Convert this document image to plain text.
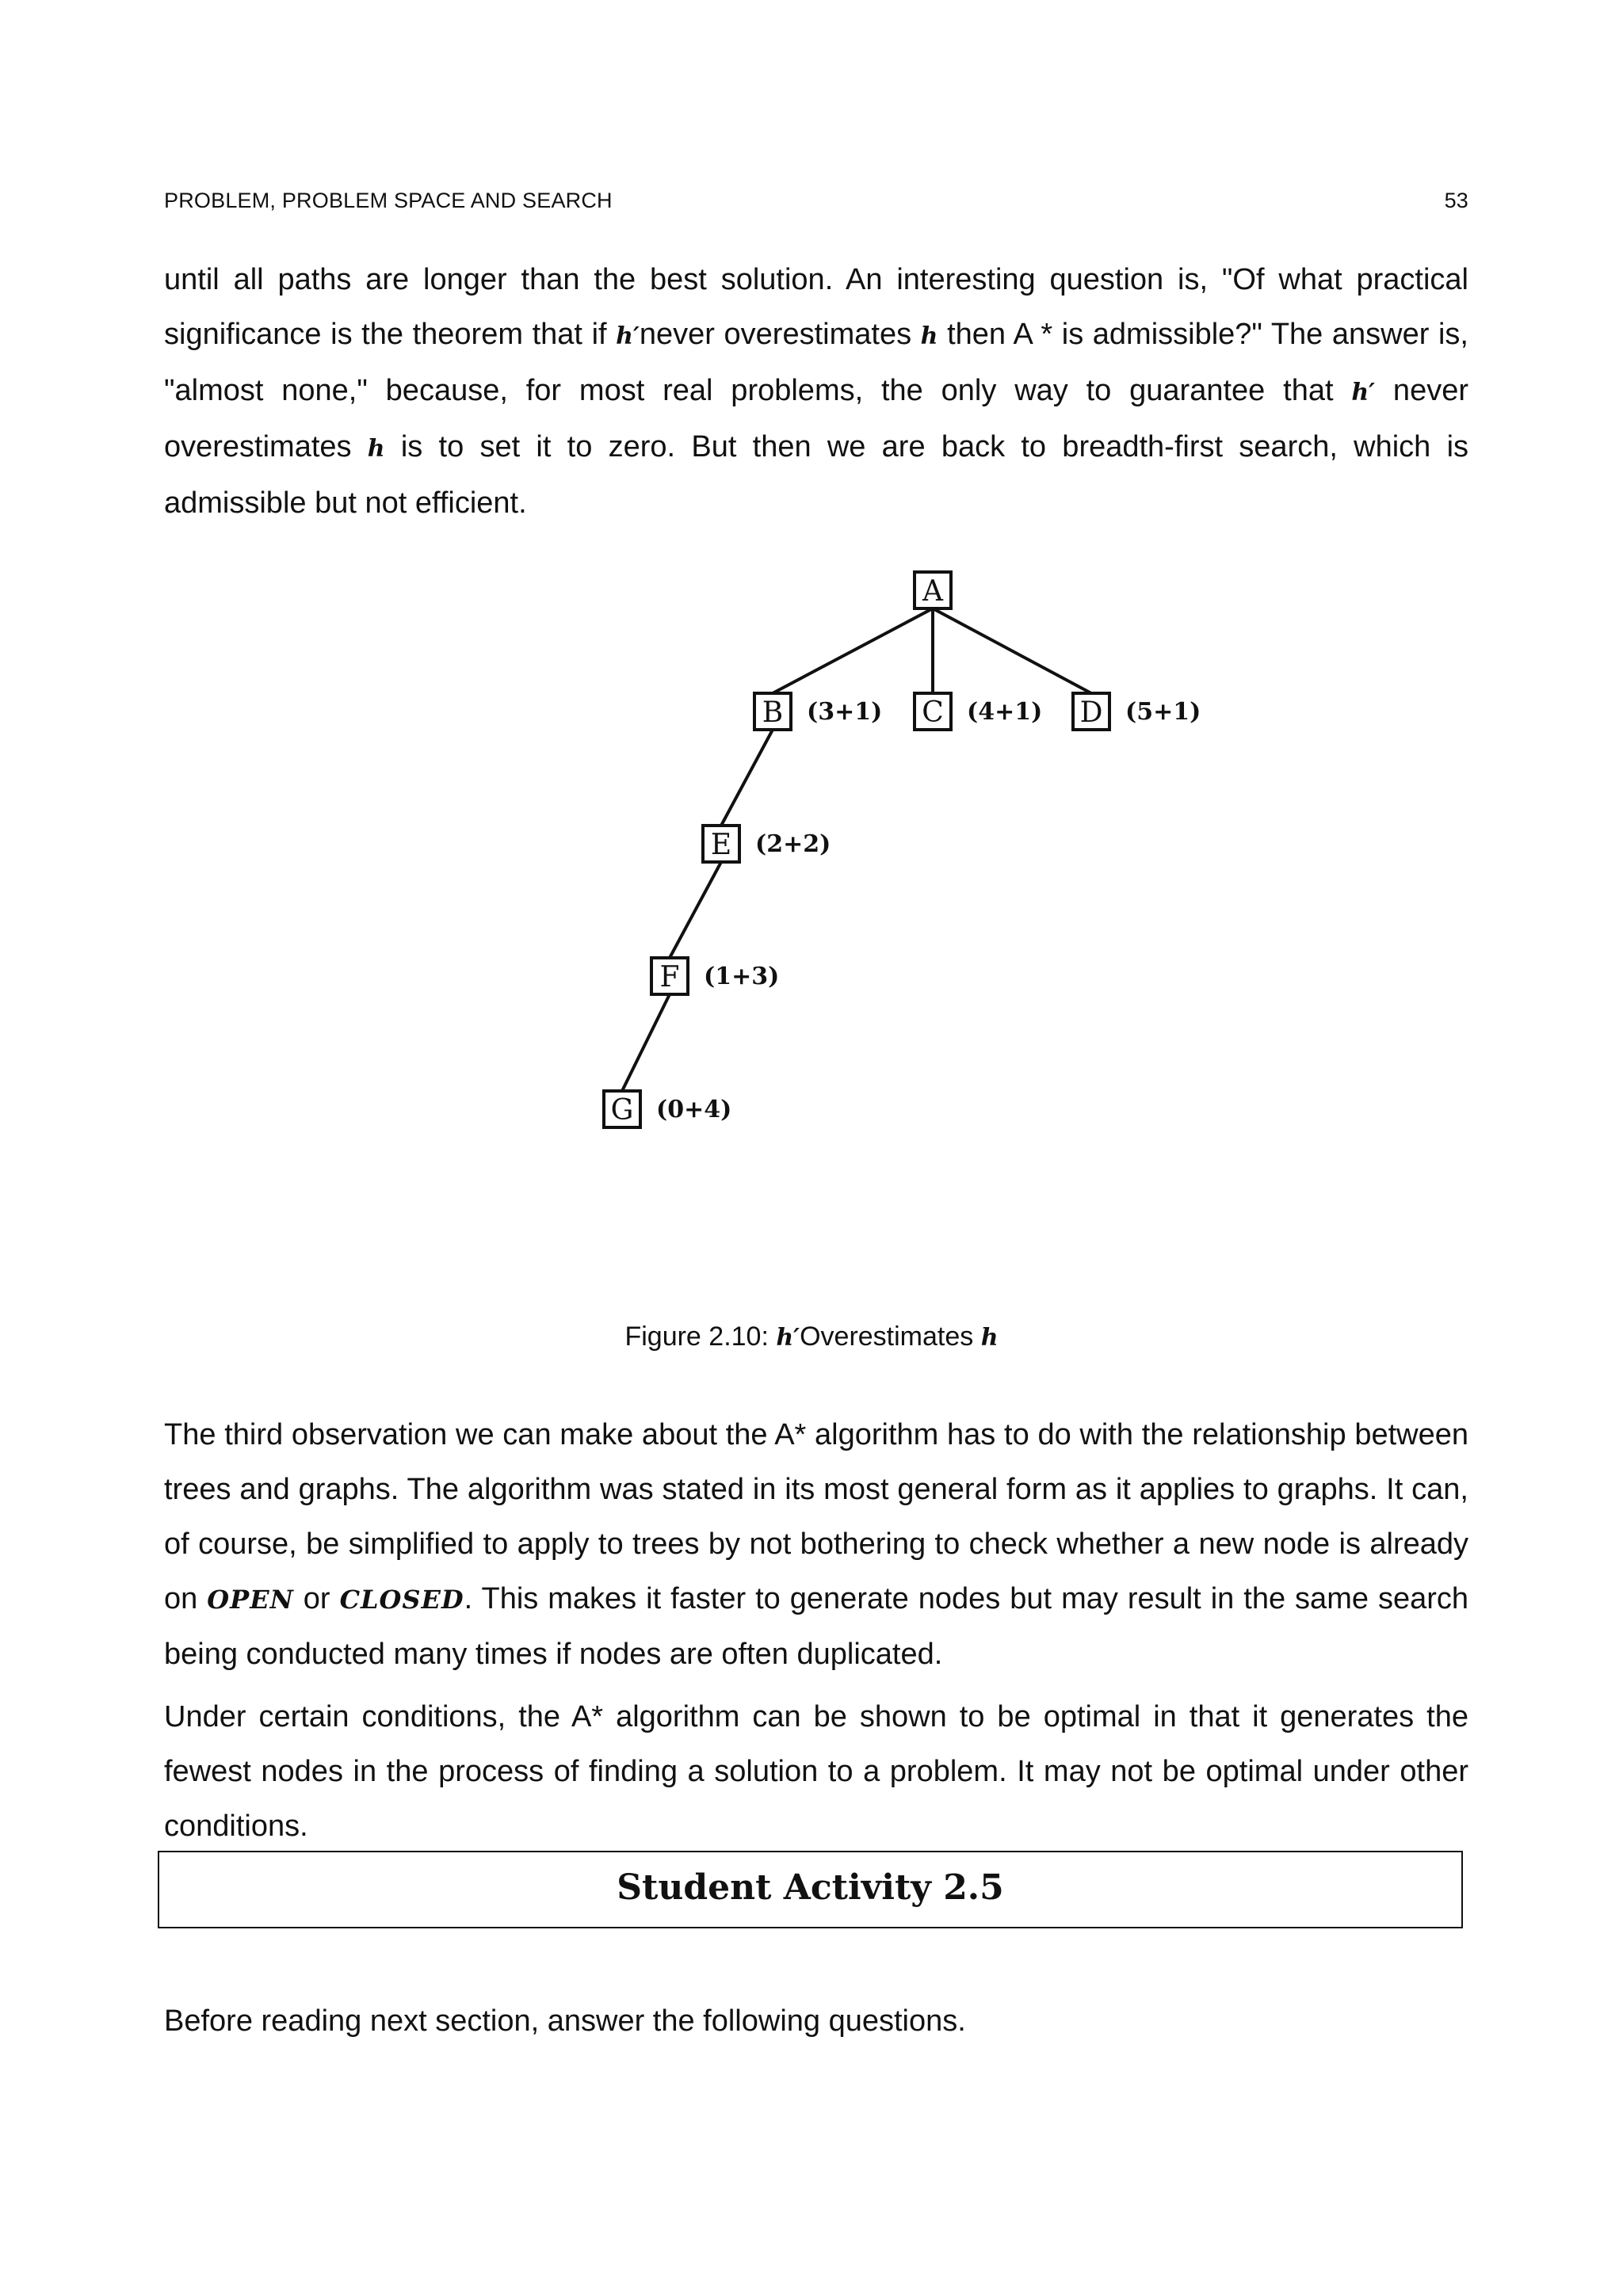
PROBLEM, PROBLEM SPACE AND SEARCH	53
until all paths are longer than the best solution. An interesting question is, "Of what practical significance is the theorem that if h′never overestimates h then A * is admissible?" The answer is, "almost none," because, for most real problems, the only way to guarantee that h′ never overestimates h is to set it to zero. But then we are back to breadth-first search, which is admissible but not efficient.
A
B (3+1) C (4+1) D (5+1)
E (2+2)
F (1+3)
G (0+4)
Figure 2.10: h′Overestimates h
The third observation we can make about the A* algorithm has to do with the relationship between trees and graphs. The algorithm was stated in its most general form as it applies to graphs. It can, of course, be simplified to apply to trees by not bothering to check whether a new node is already on OPEN or CLOSED. This makes it faster to generate nodes but may result in the same search being conducted many times if nodes are often duplicated.
Under certain conditions, the A* algorithm can be shown to be optimal in that it generates the fewest nodes in the process of finding a solution to a problem. It may not be optimal under other conditions.
Student Activity 2.5
Before reading next section, answer the following questions.
